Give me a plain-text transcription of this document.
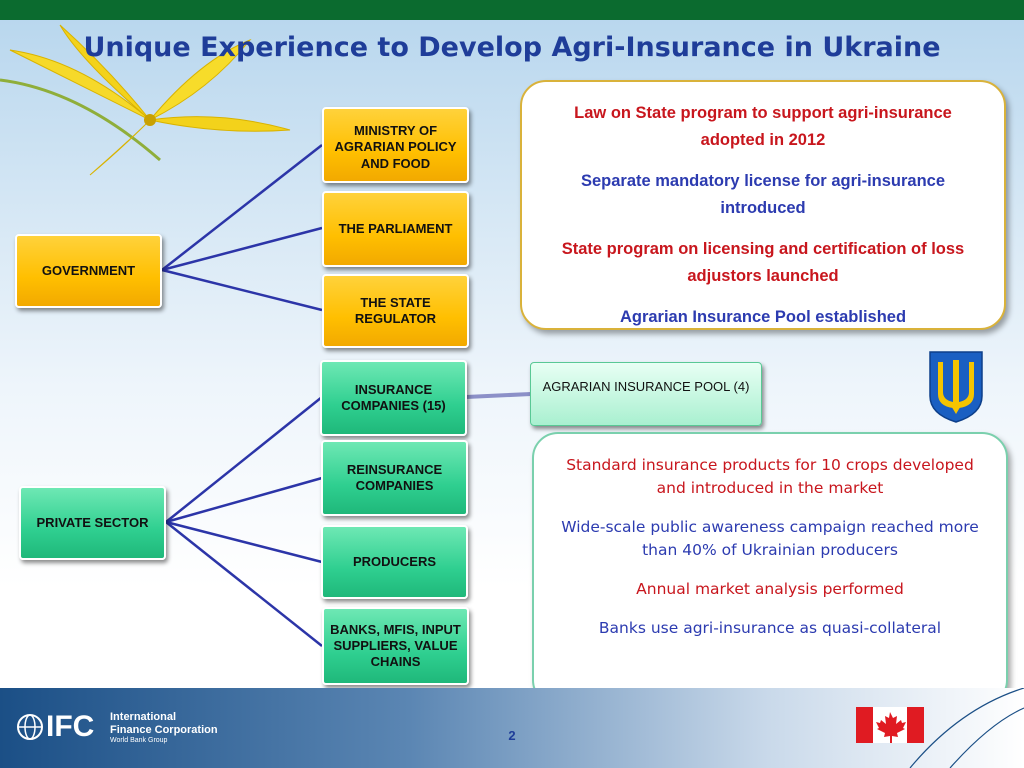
Unique Experience to Develop Agri-Insurance in Ukraine
GOVERNMENT
MINISTRY OF AGRARIAN POLICY AND FOOD
THE PARLIAMENT
THE STATE REGULATOR
PRIVATE SECTOR
INSURANCE COMPANIES (15)
REINSURANCE COMPANIES
PRODUCERS
BANKS, MFIS, INPUT SUPPLIERS, VALUE CHAINS
AGRARIAN INSURANCE POOL (4)

Law on State program to support agri-insurance adopted in 2012

Separate mandatory license for agri-insurance introduced

State program on licensing and certification of loss adjustors launched

Agrarian Insurance Pool established

Standard insurance products for 10 crops developed and introduced in the market

Wide-scale public awareness campaign reached more than 40% of Ukrainian producers

Annual market analysis performed

Banks use agri-insurance as quasi-collateral

IFC International
Finance Corporation
World Bank Group	2
